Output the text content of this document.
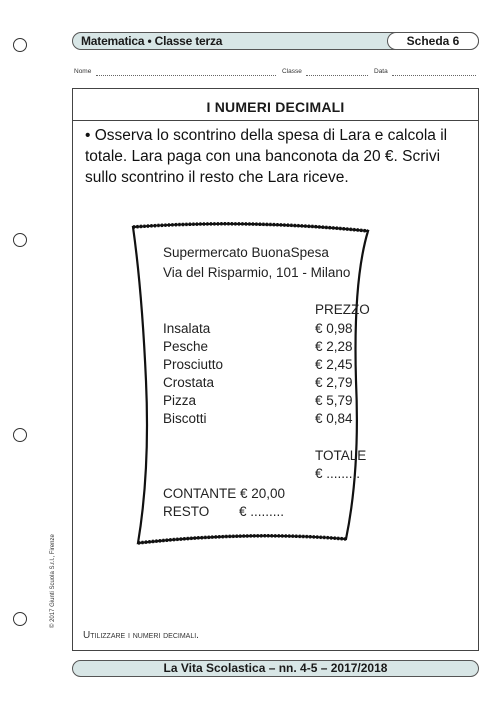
Matematica • Classe terza	Scheda 6
Nome	Classe	Data
I NUMERI DECIMALI
• Osserva lo scontrino della spesa di Lara e calcola il totale. Lara paga con una banconota da 20 €. Scrivi sullo scontrino il resto che Lara riceve.
Supermercato BuonaSpesa
Via del Risparmio, 101 - Milano
PREZZO
Insalata	€ 0,98
Pesche	€ 2,28
Prosciutto	€ 2,45
Crostata	€ 2,79
Pizza	€ 5,79
Biscotti	€ 0,84
TOTALE
€ .........
CONTANTE € 20,00
RESTO € .........
Utilizzare i numeri decimali.
© 2017 Giunti Scuola S.r.l., Firenze
La Vita Scolastica – nn. 4-5 – 2017/2018
